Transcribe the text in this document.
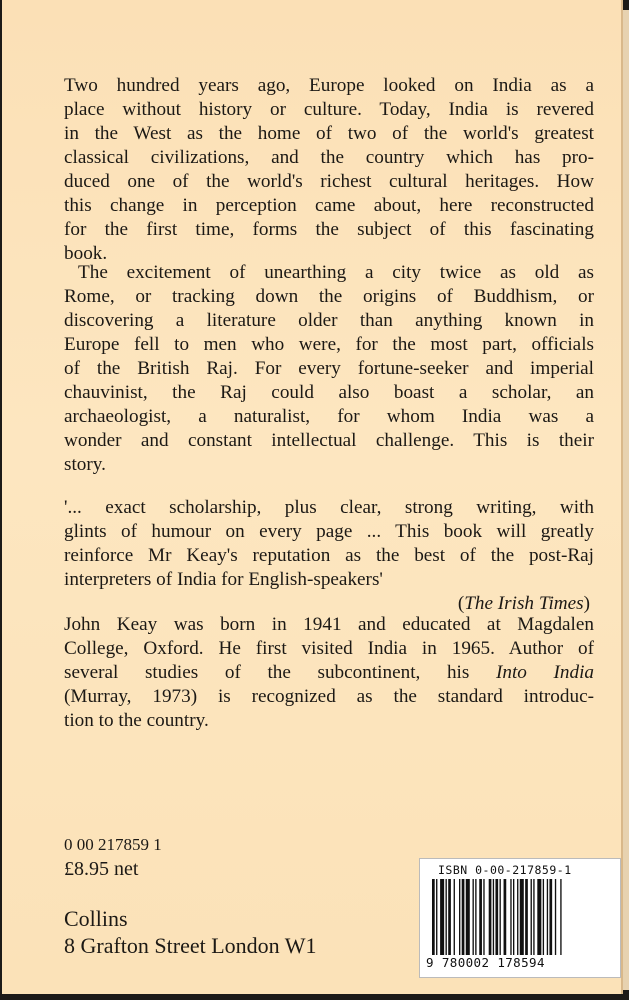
Two hundred years ago, Europe looked on India as a
place without history or culture. Today, India is revered
in the West as the home of two of the world's greatest
classical civilizations, and the country which has pro-
duced one of the world's richest cultural heritages. How
this change in perception came about, here reconstructed
for the first time, forms the subject of this fascinating
book.
The excitement of unearthing a city twice as old as
Rome, or tracking down the origins of Buddhism, or
discovering a literature older than anything known in
Europe fell to men who were, for the most part, officials
of the British Raj. For every fortune-seeker and imperial
chauvinist, the Raj could also boast a scholar, an
archaeologist, a naturalist, for whom India was a
wonder and constant intellectual challenge. This is their
story.
'... exact scholarship, plus clear, strong writing, with
glints of humour on every page ... This book will greatly
reinforce Mr Keay's reputation as the best of the post-Raj
interpreters of India for English-speakers'
(The Irish Times)
John Keay was born in 1941 and educated at Magdalen
College, Oxford. He first visited India in 1965. Author of
several studies of the subcontinent, his Into India
(Murray, 1973) is recognized as the standard introduc-
tion to the country.
0 00 217859 1
£8.95 net
Collins
8 Grafton Street London W1
ISBN 0-00-217859-1
9 780002 178594
